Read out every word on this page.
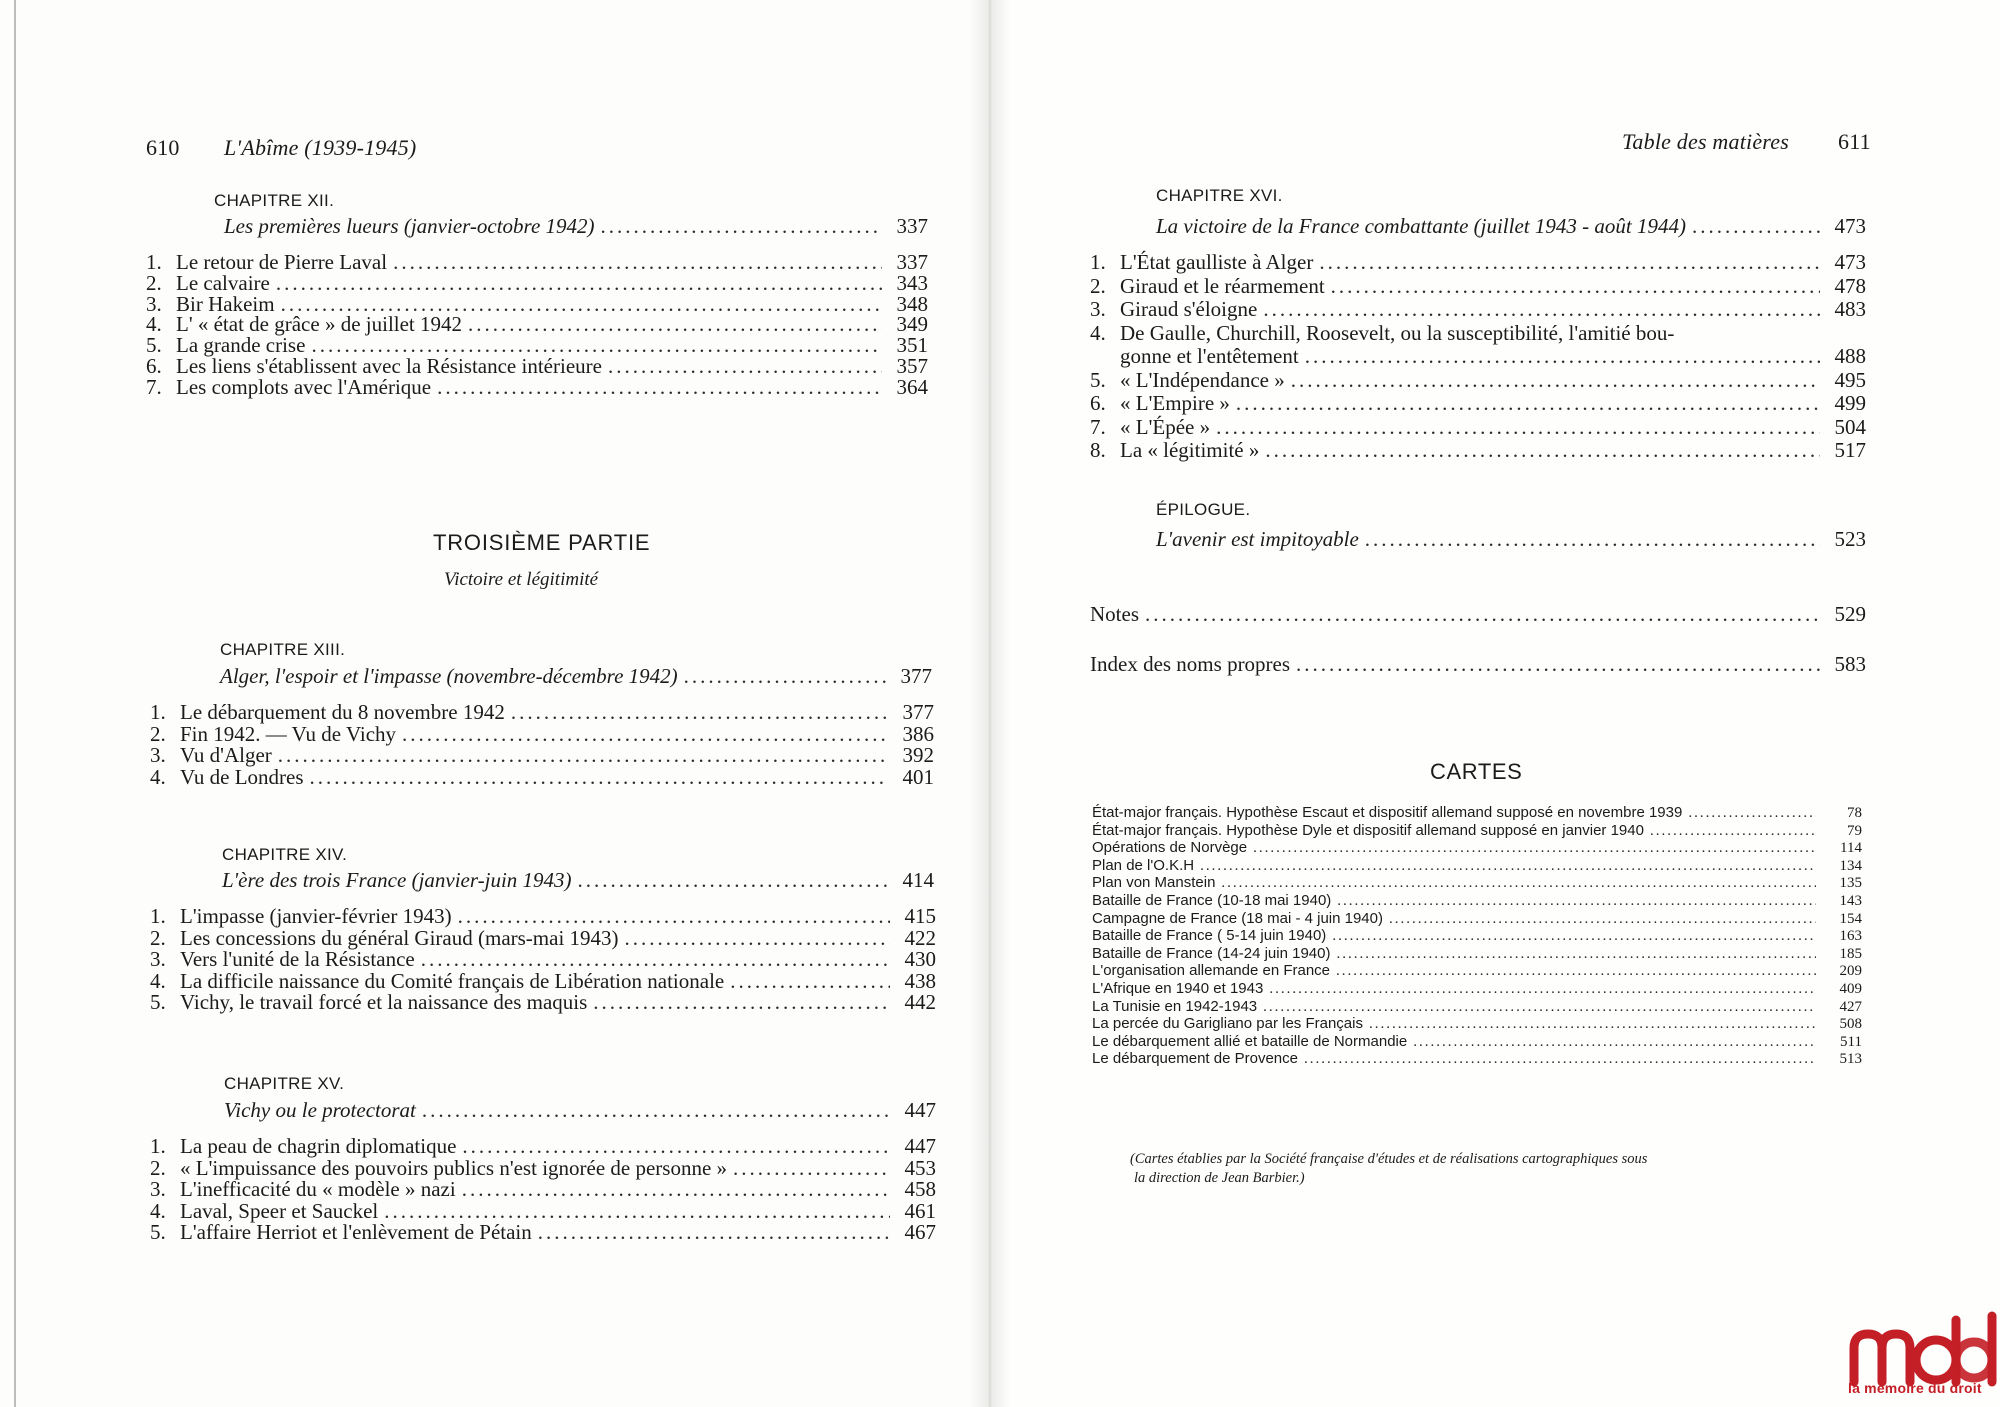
610 L'Abîme (1939-1945)
CHAPITRE XII.
Les premières lueurs (janvier-octobre 1942) .....	337
1. Le retour de Pierre Laval .....	337
2. Le calvaire .....	343
3. Bir Hakeim .....	348
4. L' « état de grâce » de juillet 1942 .....	349
5. La grande crise .....	351
6. Les liens s'établissent avec la Résistance intérieure .....	357
7. Les complots avec l'Amérique .....	364
TROISIÈME PARTIE
Victoire et légitimité
CHAPITRE XIII.
Alger, l'espoir et l'impasse (novembre-décembre 1942) .....	377
1. Le débarquement du 8 novembre 1942 .....	377
2. Fin 1942. — Vu de Vichy .....	386
3. Vu d'Alger .....	392
4. Vu de Londres .....	401
CHAPITRE XIV.
L'ère des trois France (janvier-juin 1943) .....	414
1. L'impasse (janvier-février 1943) .....	415
2. Les concessions du général Giraud (mars-mai 1943) .....	422
3. Vers l'unité de la Résistance .....	430
4. La difficile naissance du Comité français de Libération nationale .....	438
5. Vichy, le travail forcé et la naissance des maquis .....	442
CHAPITRE XV.
Vichy ou le protectorat .....	447
1. La peau de chagrin diplomatique .....	447
2. « L'impuissance des pouvoirs publics n'est ignorée de personne » .....	453
3. L'inefficacité du « modèle » nazi .....	458
4. Laval, Speer et Sauckel .....	461
5. L'affaire Herriot et l'enlèvement de Pétain .....	467
Table des matières 611
CHAPITRE XVI.
La victoire de la France combattante (juillet 1943 - août 1944) .....	473
1. L'État gaulliste à Alger .....	473
2. Giraud et le réarmement .....	478
3. Giraud s'éloigne .....	483
4. De Gaulle, Churchill, Roosevelt, ou la susceptibilité, l'amitié bou-
gonne et l'entêtement .....	488
5. « L'Indépendance » .....	495
6. « L'Empire » .....	499
7. « L'Épée » .....	504
8. La « légitimité » .....	517
ÉPILOGUE.
L'avenir est impitoyable .....	523
Notes .....	529
Index des noms propres .....	583
CARTES
État-major français. Hypothèse Escaut et dispositif allemand supposé en novembre 1939 .....	78
État-major français. Hypothèse Dyle et dispositif allemand supposé en janvier 1940 .....	79
Opérations de Norvège .....	114
Plan de l'O.K.H .....	134
Plan von Manstein .....	135
Bataille de France (10-18 mai 1940) .....	143
Campagne de France (18 mai - 4 juin 1940) .....	154
Bataille de France ( 5-14 juin 1940) .....	163
Bataille de France (14-24 juin 1940) .....	185
L'organisation allemande en France .....	209
L'Afrique en 1940 et 1943 .....	409
La Tunisie en 1942-1943 .....	427
La percée du Garigliano par les Français .....	508
Le débarquement allié et bataille de Normandie .....	511
Le débarquement de Provence .....	513
(Cartes établies par la Société française d'études et de réalisations cartographiques sous
la direction de Jean Barbier.)
la mémoire du droit
